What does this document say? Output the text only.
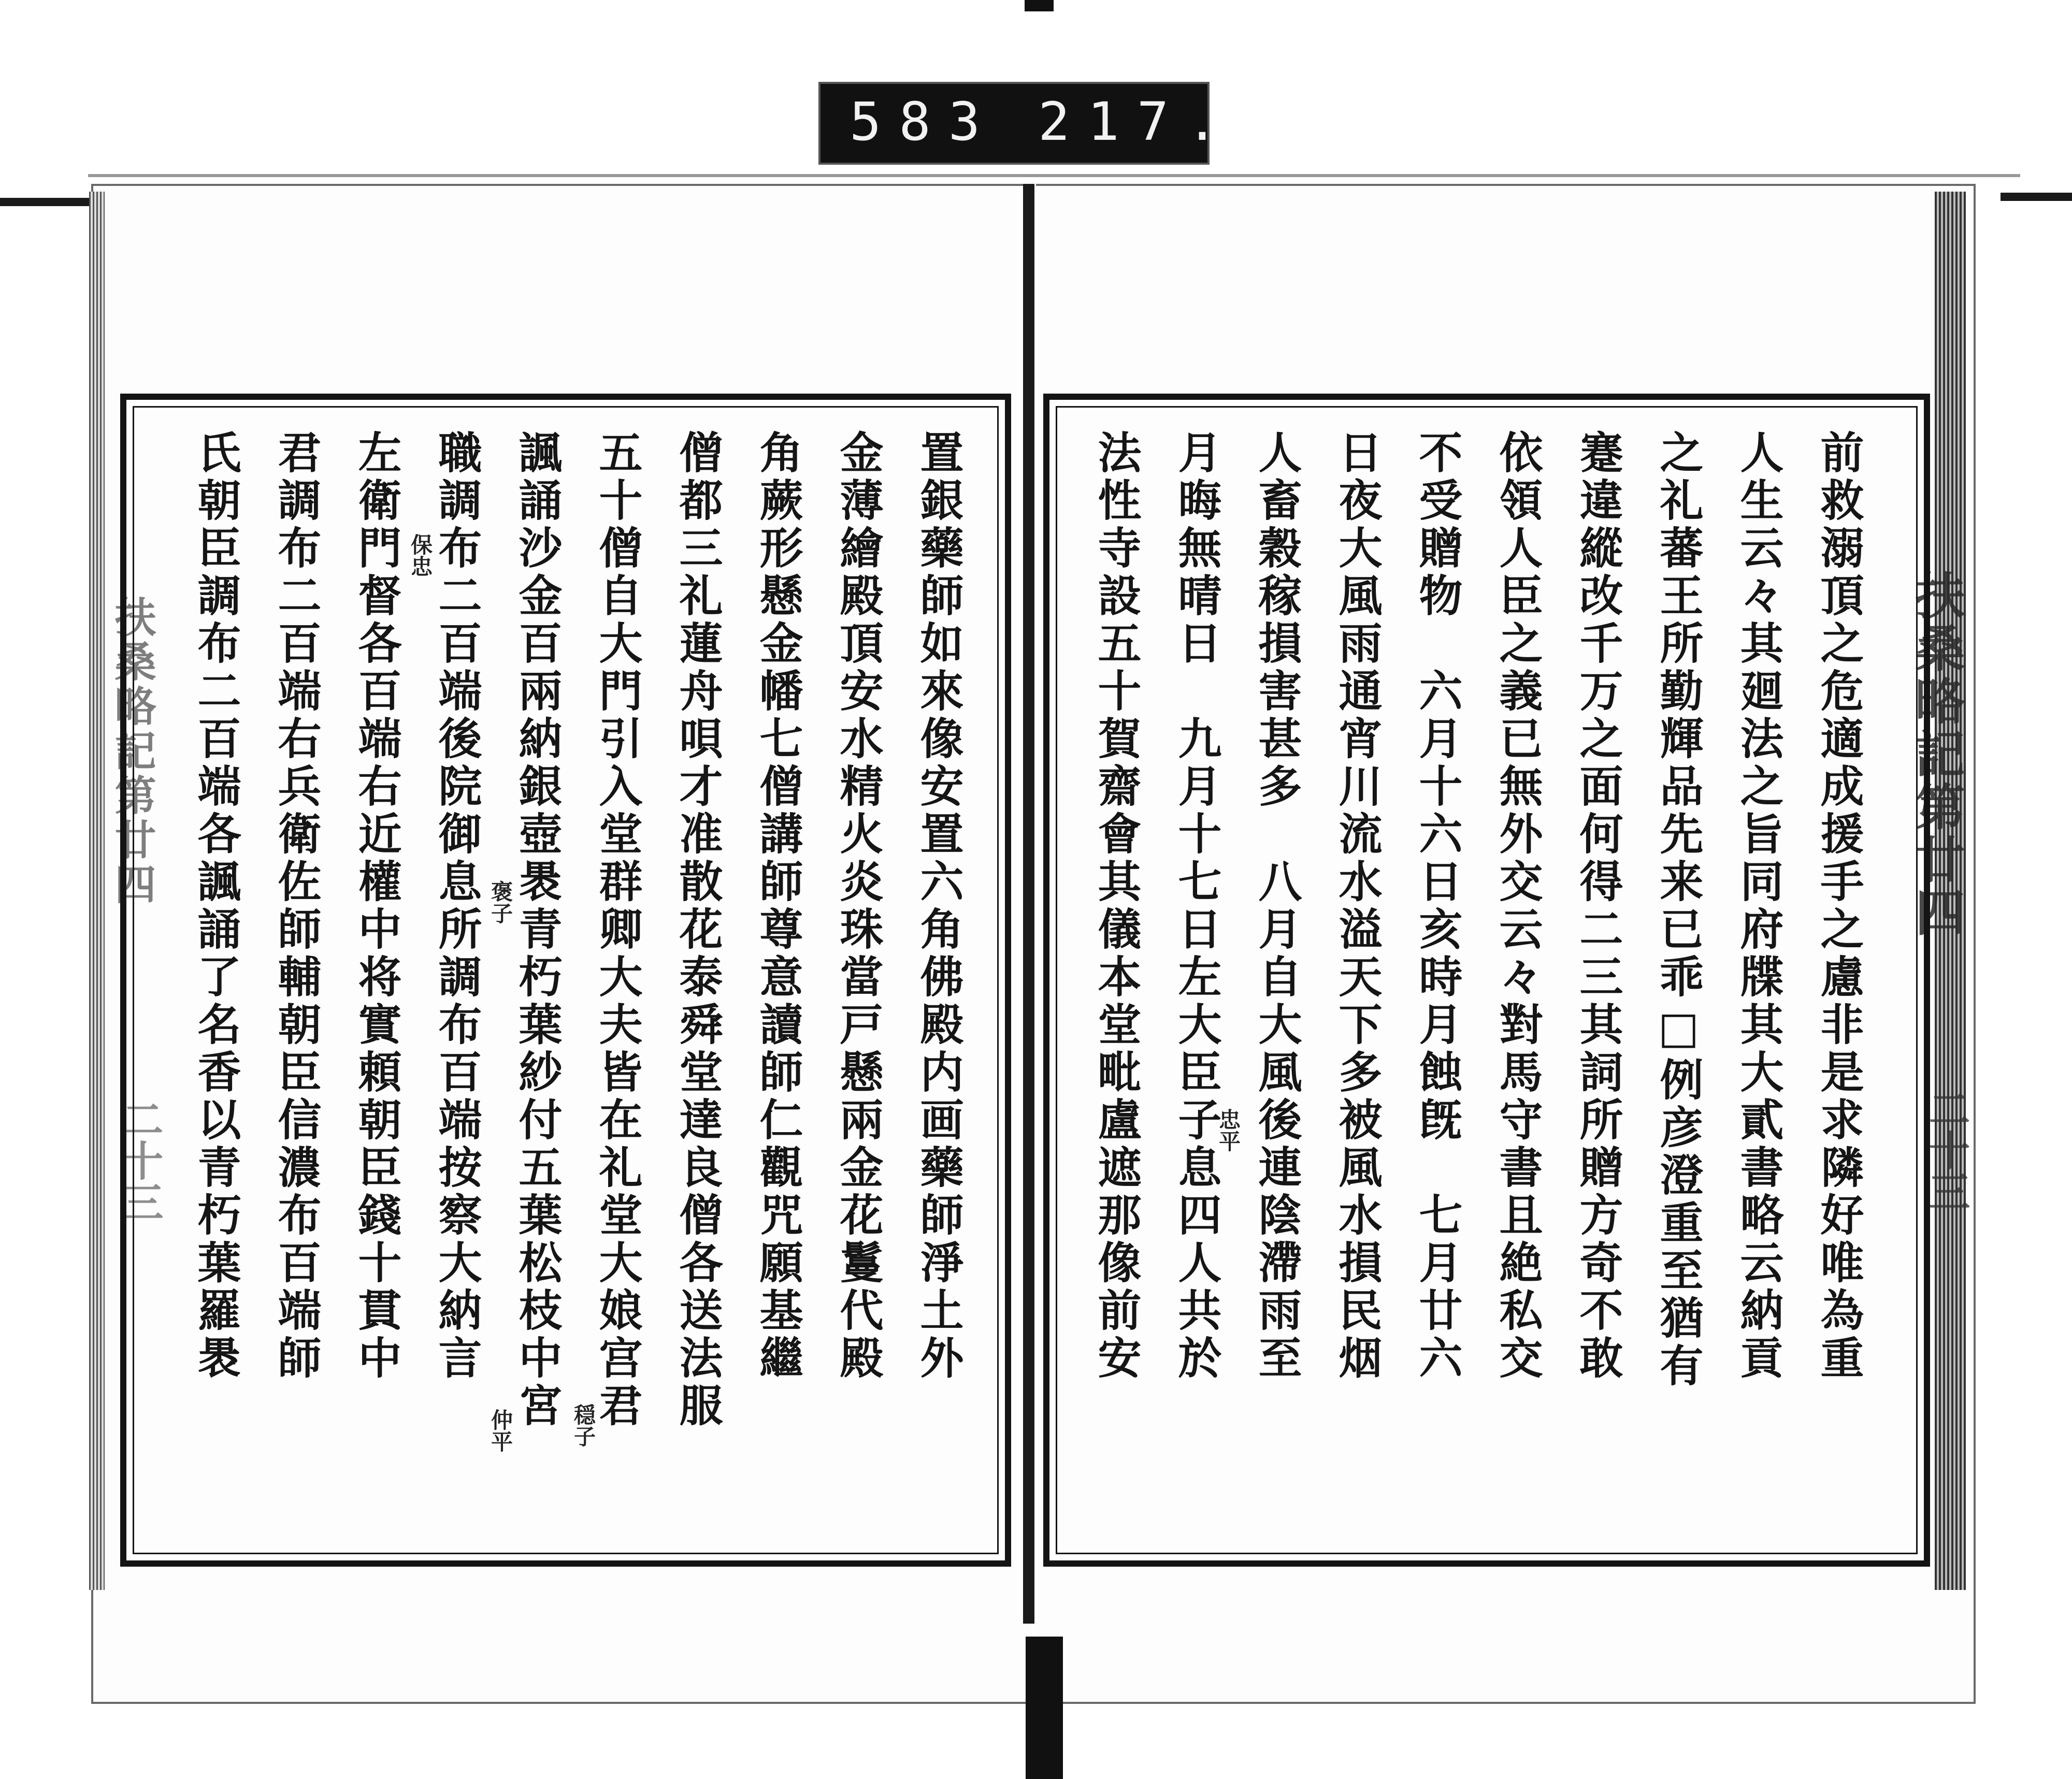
583 217.
扶桑略記第廿四
二十三
扶桑略記第廿四
二十三	前救溺頂之危適成援手之慮非是求隣好唯為重
人生云々其廻法之旨同府牒其大貳書略云納貢
之礼蕃王所勤輝品先来已乖□例彦澄重至猶有
蹇違縱改千万之面何得二三其詞所贈方奇不敢
依領人臣之義已無外交云々對馬守書且絶私交
不受贈物　六月十六日亥時月蝕旣　七月廿六
日夜大風雨通宵川流水溢天下多被風水損民烟
人畜穀稼損害甚多　八月自大風後連陰滯雨至
月晦無晴日　九月十七日左大臣子息四人共於
法性寺設五十賀齋會其儀本堂毗盧遮那像前安	忠平
置銀藥師如來像安置六角佛殿内画藥師淨土外
金薄繪殿頂安水精火炎珠當戸懸兩金花鬘代殿
角蕨形懸金幡七僧講師尊意讀師仁觀咒願基繼
僧都三礼蓮舟唄才准散花泰舜堂達良僧各送法服
五十僧自大門引入堂群卿大夫皆在礼堂大娘宫君
諷誦沙金百兩納銀壺褁青朽葉紗付五葉松枝中宮
職調布二百端後院御息所調布百端按察大納言
左衛門督各百端右近權中将實頼朝臣錢十貫中
君調布二百端右兵衛佐師輔朝臣信濃布百端師
氏朝臣調布二百端各諷誦了名香以青朽葉羅褁
穏子
褒子
保忠
仲平
